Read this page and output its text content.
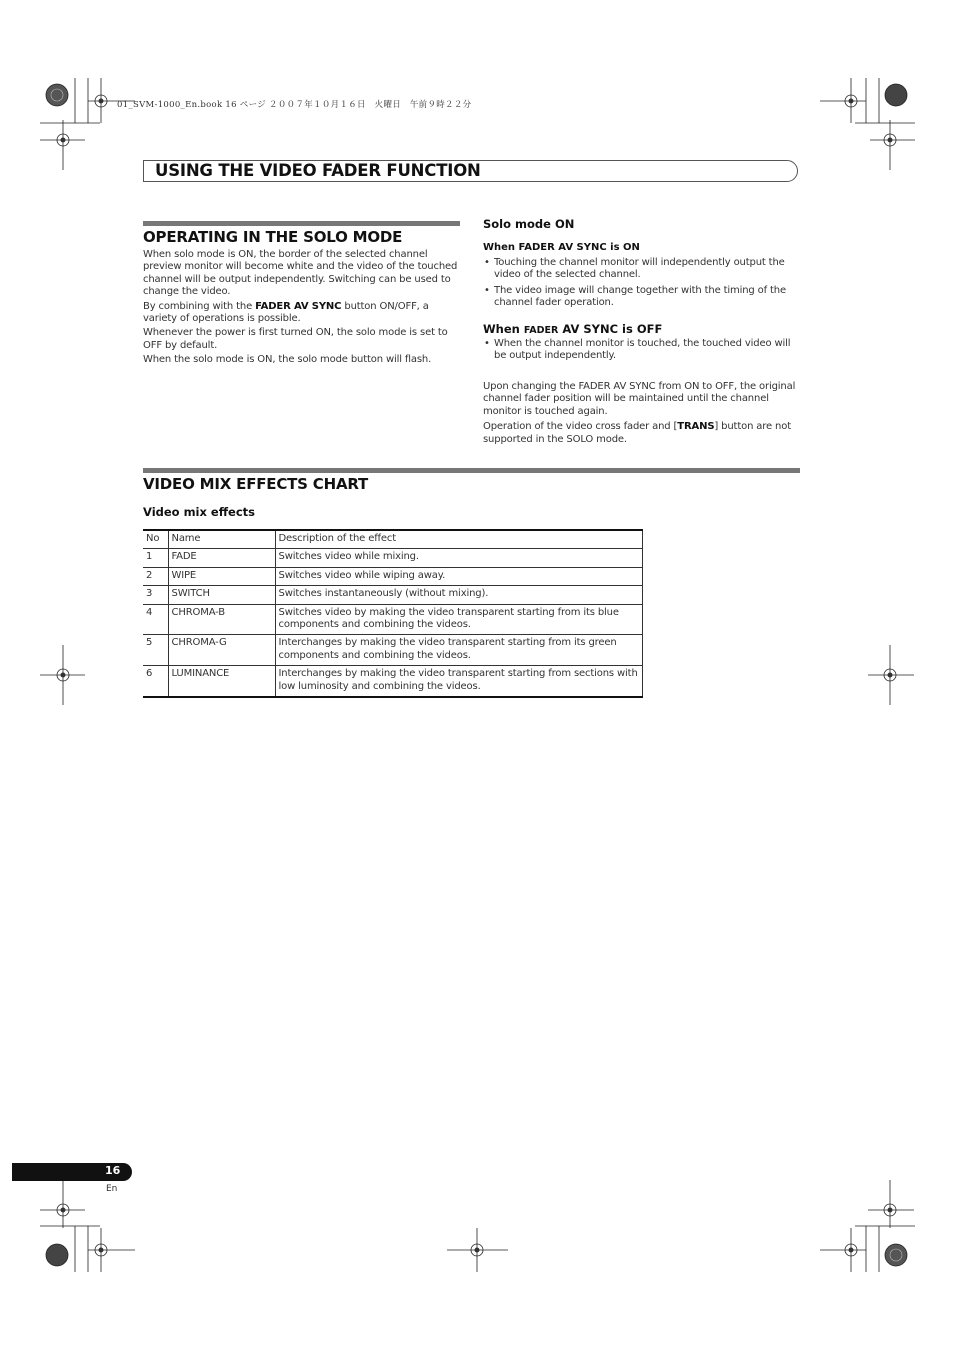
01_SVM-1000_En.book 16 ページ ２００７年１０月１６日　火曜日　午前９時２２分
USING THE VIDEO FADER FUNCTION
OPERATING IN THE SOLO MODE

When solo mode is ON, the border of the selected channel preview monitor will become white and the video of the touched channel will be output independently. Switching can be used to change the video.

By combining with the FADER AV SYNC button ON/OFF, a variety of operations is possible.

Whenever the power is first turned ON, the solo mode is set to OFF by default.

When the solo mode is ON, the solo mode button will flash.

Solo mode ON
When FADER AV SYNC is ON

• Touching the channel monitor will independently output the video of the selected channel.

• The video image will change together with the timing of the channel fader operation.

When FADER AV SYNC is OFF

• When the channel monitor is touched, the touched video will be output independently.

Upon changing the FADER AV SYNC from ON to OFF, the original channel fader position will be maintained until the channel monitor is touched again.

Operation of the video cross fader and [TRANS] button are not supported in the SOLO mode.

VIDEO MIX EFFECTS CHART
Video mix effects
No	Name	Description of the effect
1	FADE	Switches video while mixing.
2	WIPE	Switches video while wiping away.
3	SWITCH	Switches instantaneously (without mixing).
4	CHROMA-B	Switches video by making the video transparent starting from its blue components and combining the videos.
5	CHROMA-G	Interchanges by making the video transparent starting from its green components and combining the videos.
6	LUMINANCE	Interchanges by making the video transparent starting from sections with low luminosity and combining the videos.
16
En
